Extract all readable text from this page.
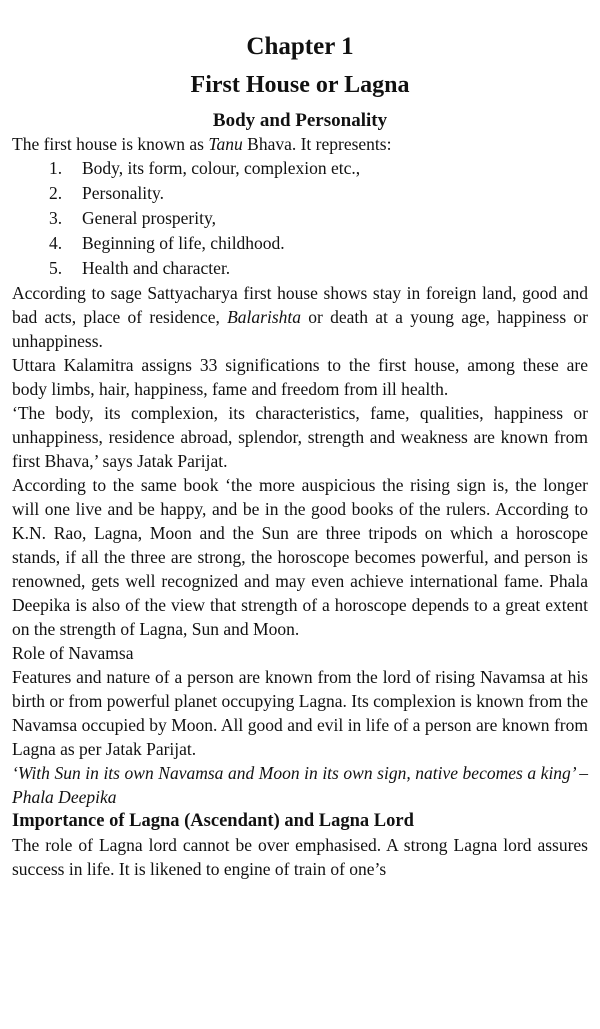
Chapter 1
First House or Lagna
Body and Personality

The first house is known as Tanu Bhava. It represents:

1. Body, its form, colour, complexion etc.,
2. Personality.
3. General prosperity,
4. Beginning of life, childhood.
5. Health and character.

According to sage Sattyacharya first house shows stay in foreign land, good and bad acts, place of residence, Balarishta or death at a young age, happiness or unhappiness.

Uttara Kalamitra assigns 33 significations to the first house, among these are body limbs, hair, happiness, fame and freedom from ill health.

‘The body, its complexion, its characteristics, fame, qualities, happiness or unhappiness, residence abroad, splendor, strength and weakness are known from first Bhava,’ says Jatak Parijat.

According to the same book ‘the more auspicious the rising sign is, the longer will one live and be happy, and be in the good books of the rulers. According to K.N. Rao, Lagna, Moon and the Sun are three tripods on which a horoscope stands, if all the three are strong, the horoscope becomes powerful, and person is renowned, gets well recognized and may even achieve international fame. Phala Deepika is also of the view that strength of a horoscope depends to a great extent on the strength of Lagna, Sun and Moon.

Role of Navamsa

Features and nature of a person are known from the lord of rising Navamsa at his birth or from powerful planet occupying Lagna. Its complexion is known from the Navamsa occupied by Moon. All good and evil in life of a person are known from Lagna as per Jatak Parijat.

‘With Sun in its own Navamsa and Moon in its own sign, native becomes a king’ – Phala Deepika

Importance of Lagna (Ascendant) and Lagna Lord

The role of Lagna lord cannot be over emphasised. A strong Lagna lord assures success in life. It is likened to engine of train of one’s
